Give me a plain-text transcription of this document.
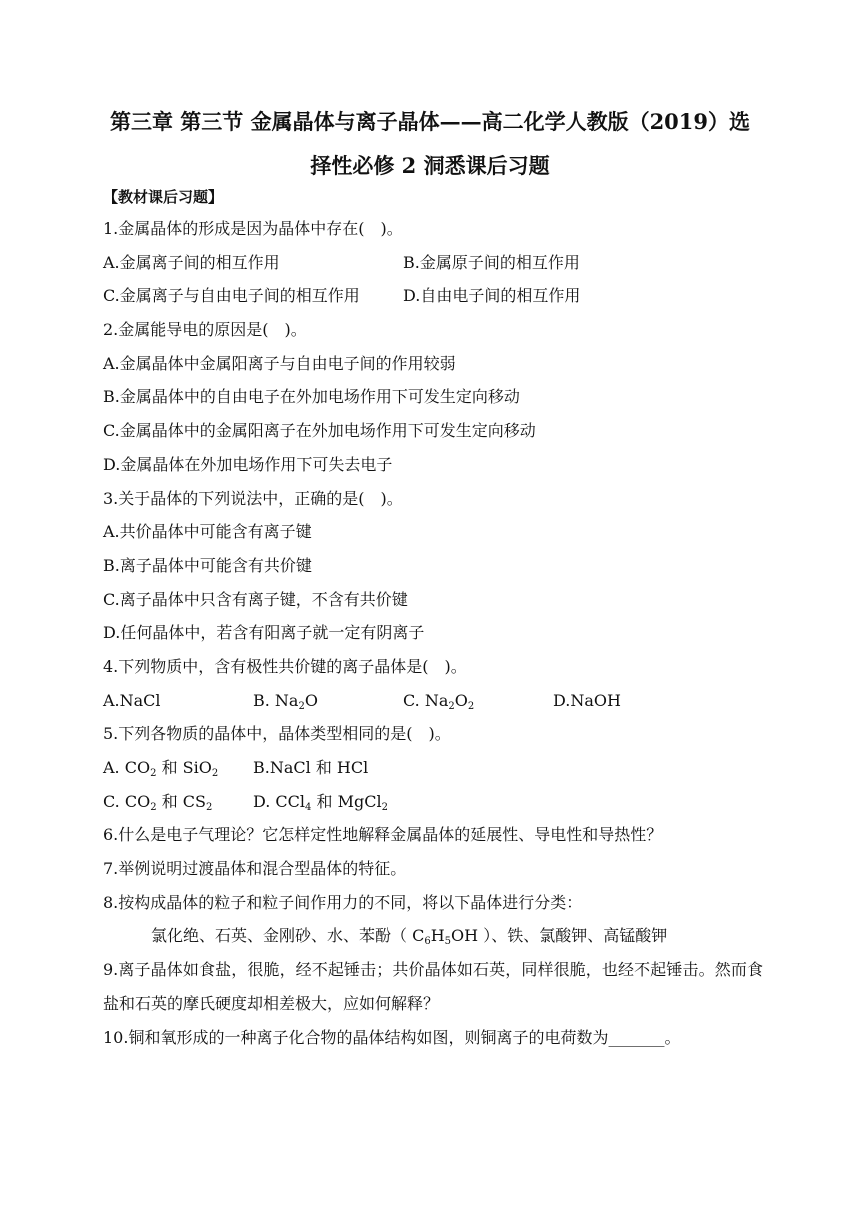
第三章 第三节 金属晶体与离子晶体——高二化学人教版（2019）选
择性必修 2 洞悉课后习题
【教材课后习题】
1.金属晶体的形成是因为晶体中存在(　)。
A.金属离子间的相互作用	B.金属原子间的相互作用
C.金属离子与自由电子间的相互作用	D.自由电子间的相互作用
2.金属能导电的原因是(　)。
A.金属晶体中金属阳离子与自由电子间的作用较弱
B.金属晶体中的自由电子在外加电场作用下可发生定向移动
C.金属晶体中的金属阳离子在外加电场作用下可发生定向移动
D.金属晶体在外加电场作用下可失去电子
3.关于晶体的下列说法中，正确的是(　)。
A.共价晶体中可能含有离子键
B.离子晶体中可能含有共价键
C.离子晶体中只含有离子键，不含有共价键
D.任何晶体中，若含有阳离子就一定有阴离子
4.下列物质中，含有极性共价键的离子晶体是(　)。
A.NaCl	B. $Na_2O$	C. $Na_2O_2$	D.NaOH
5.下列各物质的晶体中，晶体类型相同的是(　)。
A. $CO_2$ 和 SiO$_2$	B.NaCl 和 HCl
C. $CO_2$ 和 $CS_2$	D. CCl$_4$ 和 MgCl$_2$
6.什么是电子气理论？它怎样定性地解释金属晶体的延展性、导电性和导热性？
7.举例说明过渡晶体和混合型晶体的特征。
8.按构成晶体的粒子和粒子间作用力的不同，将以下晶体进行分类：
氯化绝、石英、金刚砂、水、苯酚（ $C_6H_5OH$ ）、铁、氯酸钾、高锰酸钾
9.离子晶体如食盐，很脆，经不起锤击；共价晶体如石英，同样很脆，也经不起锤击。然而食盐和石英的摩氏硬度却相差极大，应如何解释？
10.铜和氧形成的一种离子化合物的晶体结构如图，则铜离子的电荷数为_______。
